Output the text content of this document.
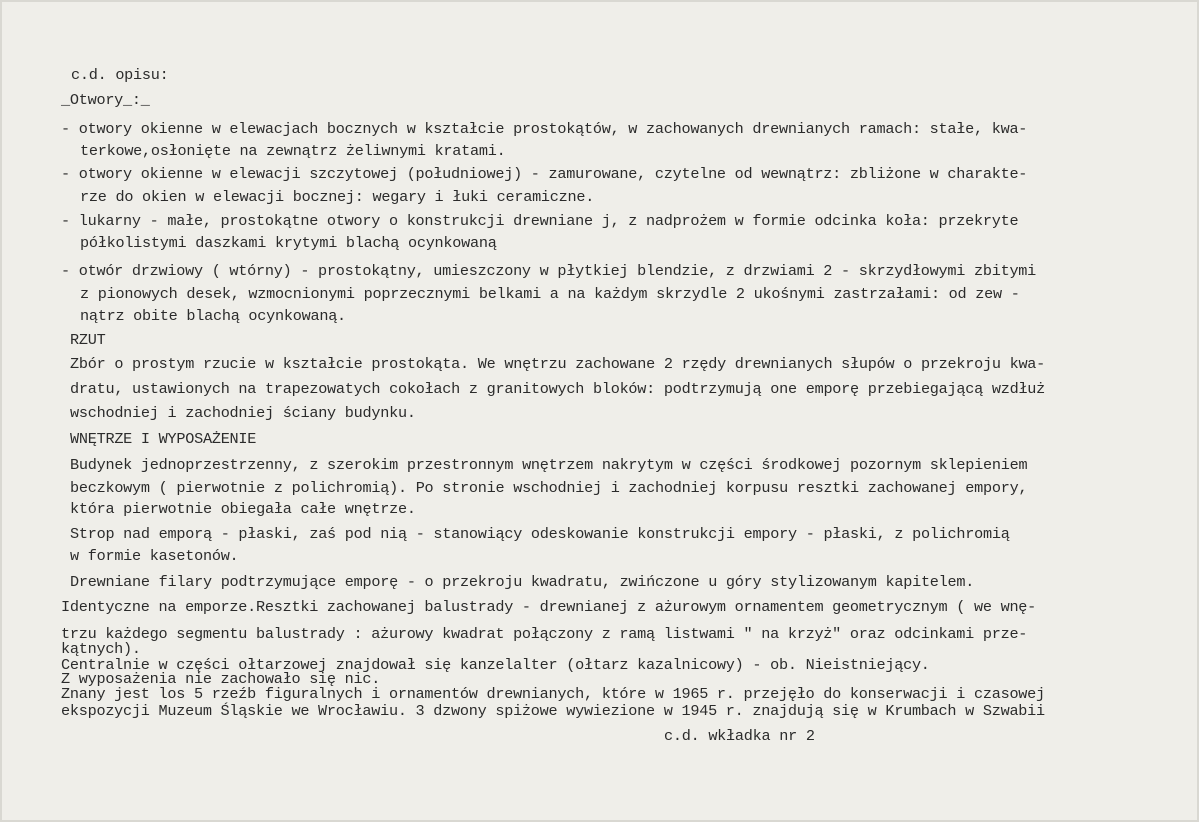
c.d. opisu:
_Otwory_:_
- otwory okienne w elewacjach bocznych w kształcie prostokątów, w zachowanych drewnianych ramach: stałe, kwa-
terkowe,osłonięte na zewnątrz żeliwnymi kratami.
- otwory okienne w elewacji szczytowej (południowej) - zamurowane, czytelne od wewnątrz: zbliżone w charakte-
rze do okien w elewacji bocznej: wegary i łuki ceramiczne.
- lukarny - małe, prostokątne otwory o konstrukcji drewniane j, z nadprożem w formie odcinka koła: przekryte
półkolistymi daszkami krytymi blachą ocynkowaną
- otwór drzwiowy ( wtórny) - prostokątny, umieszczony w płytkiej blendzie, z drzwiami 2 - skrzydłowymi zbitymi
z pionowych desek, wzmocnionymi poprzecznymi belkami a na każdym skrzydle 2 ukośnymi zastrzałami: od zew -
nątrz obite blachą ocynkowaną.
RZUT
Zbór o prostym rzucie w kształcie prostokąta. We wnętrzu zachowane 2 rzędy drewnianych słupów o przekroju kwa-
dratu, ustawionych na trapezowatych cokołach z granitowych bloków: podtrzymują one emporę przebiegającą wzdłuż
wschodniej i zachodniej ściany budynku.
WNĘTRZE I WYPOSAŻENIE
Budynek jednoprzestrzenny, z szerokim przestronnym wnętrzem nakrytym w części środkowej pozornym sklepieniem
beczkowym ( pierwotnie z polichromią). Po stronie wschodniej i zachodniej korpusu resztki zachowanej empory,
która pierwotnie obiegała całe wnętrze.
Strop nad emporą - płaski, zaś pod nią - stanowiący odeskowanie konstrukcji empory - płaski, z polichromią
w formie kasetonów.
Drewniane filary podtrzymujące emporę - o przekroju kwadratu, zwińczone u góry stylizowanym kapitelem.
Identyczne na emporze.Resztki zachowanej balustrady - drewnianej z ażurowym ornamentem geometrycznym ( we wnę-
trzu każdego segmentu balustrady : ażurowy kwadrat połączony z ramą listwami " na krzyż" oraz odcinkami prze-
kątnych).
Centralnie w części ołtarzowej znajdował się kanzelalter (ołtarz kazalnicowy) - ob. Nieistniejący.
Z wyposażenia nie zachowało się nic.
Znany jest los 5 rzeźb figuralnych i ornamentów drewnianych, które w 1965 r. przejęło do konserwacji i czasowej
ekspozycji Muzeum Śląskie we Wrocławiu. 3 dzwony spiżowe wywiezione w 1945 r. znajdują się w Krumbach w Szwabii
c.d. wkładka nr 2
